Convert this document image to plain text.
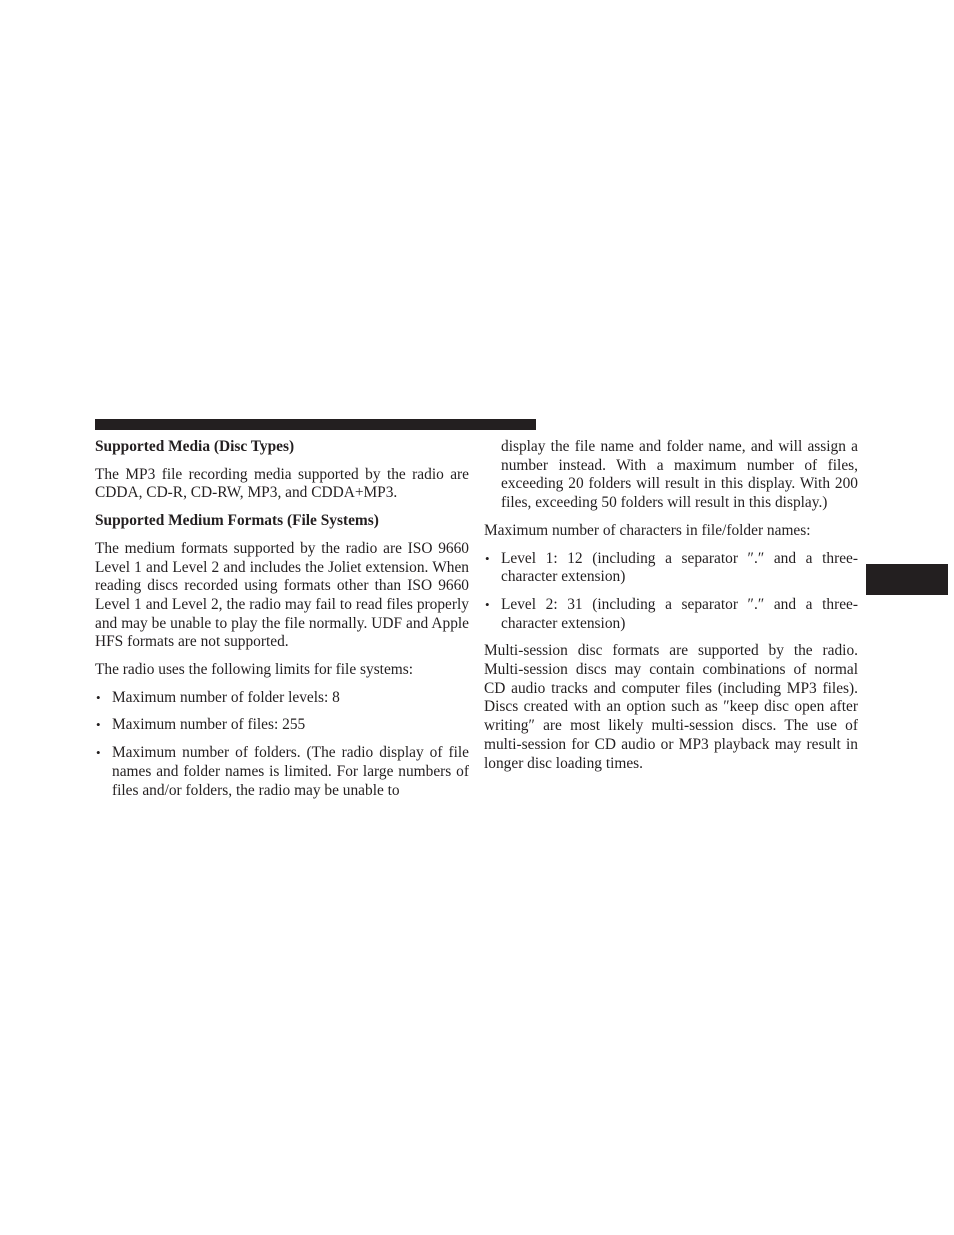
Supported Media (Disc Types)

The MP3 file recording media supported by the radio are CDDA, CD-R, CD-RW, MP3, and CDDA+MP3.

Supported Medium Formats (File Systems)

The medium formats supported by the radio are ISO 9660 Level 1 and Level 2 and includes the Joliet extension. When reading discs recorded using formats other than ISO 9660 Level 1 and Level 2, the radio may fail to read files properly and may be unable to play the file normally. UDF and Apple HFS formats are not supported.

The radio uses the following limits for file systems:

• Maximum number of folder levels: 8
• Maximum number of files: 255
• Maximum number of folders. (The radio display of file names and folder names is limited. For large numbers of files and/or folders, the radio may be unable to
display the file name and folder name, and will assign a number instead. With a maximum number of files, exceeding 20 folders will result in this display. With 200 files, exceeding 50 folders will result in this display.)

Maximum number of characters in file/folder names:

• Level 1: 12 (including a separator ″.″ and a three-character extension)
• Level 2: 31 (including a separator ″.″ and a three-character extension)

Multi-session disc formats are supported by the radio. Multi-session discs may contain combinations of normal CD audio tracks and computer files (including MP3 files). Discs created with an option such as ″keep disc open after writing″ are most likely multi-session discs. The use of multi-session for CD audio or MP3 playback may result in longer disc loading times.
